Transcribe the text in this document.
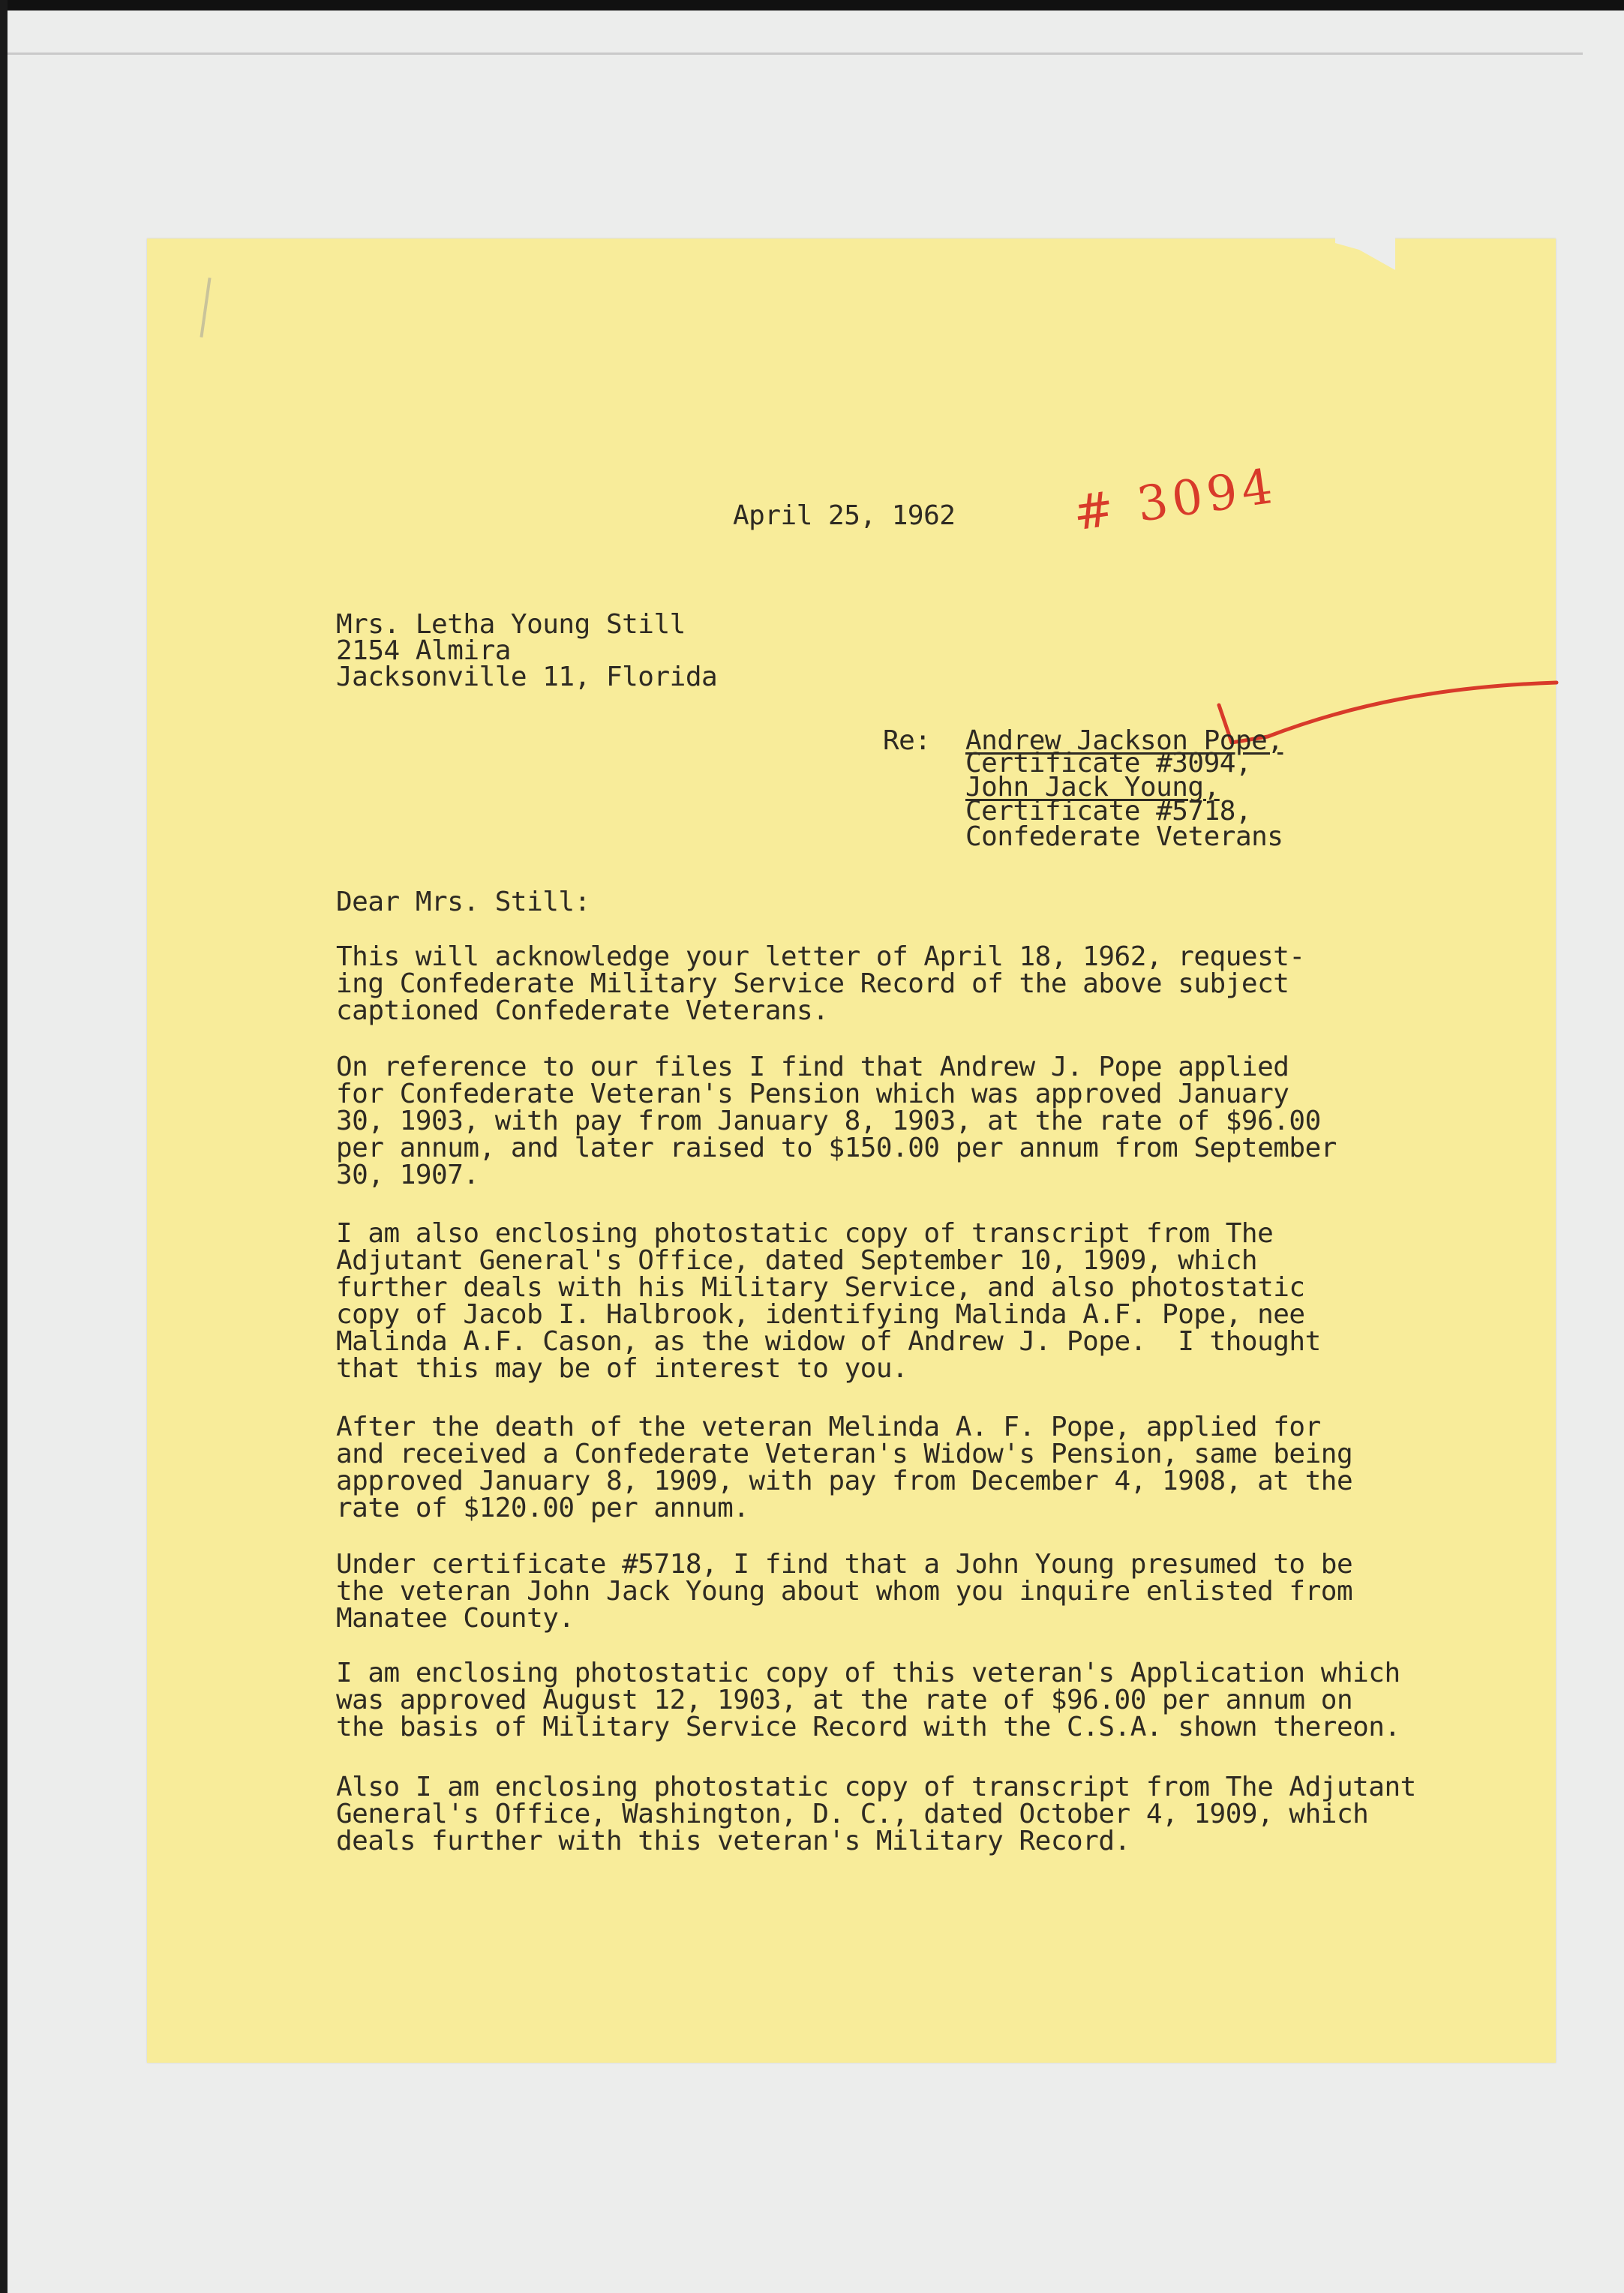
April 25, 1962 # 3094

Mrs. Letha Young Still

2154 Almira

Jacksonville 11, Florida

Re: Andrew Jackson Pope,

Certificate #3094,

John Jack Young,

Certificate #5718,

Confederate Veterans

Dear Mrs. Still:

This will acknowledge your letter of April 18, 1962, request-
ing Confederate Military Service Record of the above subject
captioned Confederate Veterans.

On reference to our files I find that Andrew J. Pope applied
for Confederate Veteran's Pension which was approved January
30, 1903, with pay from January 8, 1903, at the rate of $96.00
per annum, and later raised to $150.00 per annum from September
30, 1907.

I am also enclosing photostatic copy of transcript from The
Adjutant General's Office, dated September 10, 1909, which
further deals with his Military Service, and also photostatic
copy of Jacob I. Halbrook, identifying Malinda A.F. Pope, nee
Malinda A.F. Cason, as the widow of Andrew J. Pope.  I thought
that this may be of interest to you.

After the death of the veteran Melinda A. F. Pope, applied for
and received a Confederate Veteran's Widow's Pension, same being
approved January 8, 1909, with pay from December 4, 1908, at the
rate of $120.00 per annum.

Under certificate #5718, I find that a John Young presumed to be
the veteran John Jack Young about whom you inquire enlisted from
Manatee County.

I am enclosing photostatic copy of this veteran's Application which
was approved August 12, 1903, at the rate of $96.00 per annum on
the basis of Military Service Record with the C.S.A. shown thereon.

Also I am enclosing photostatic copy of transcript from The Adjutant
General's Office, Washington, D. C., dated October 4, 1909, which
deals further with this veteran's Military Record.
